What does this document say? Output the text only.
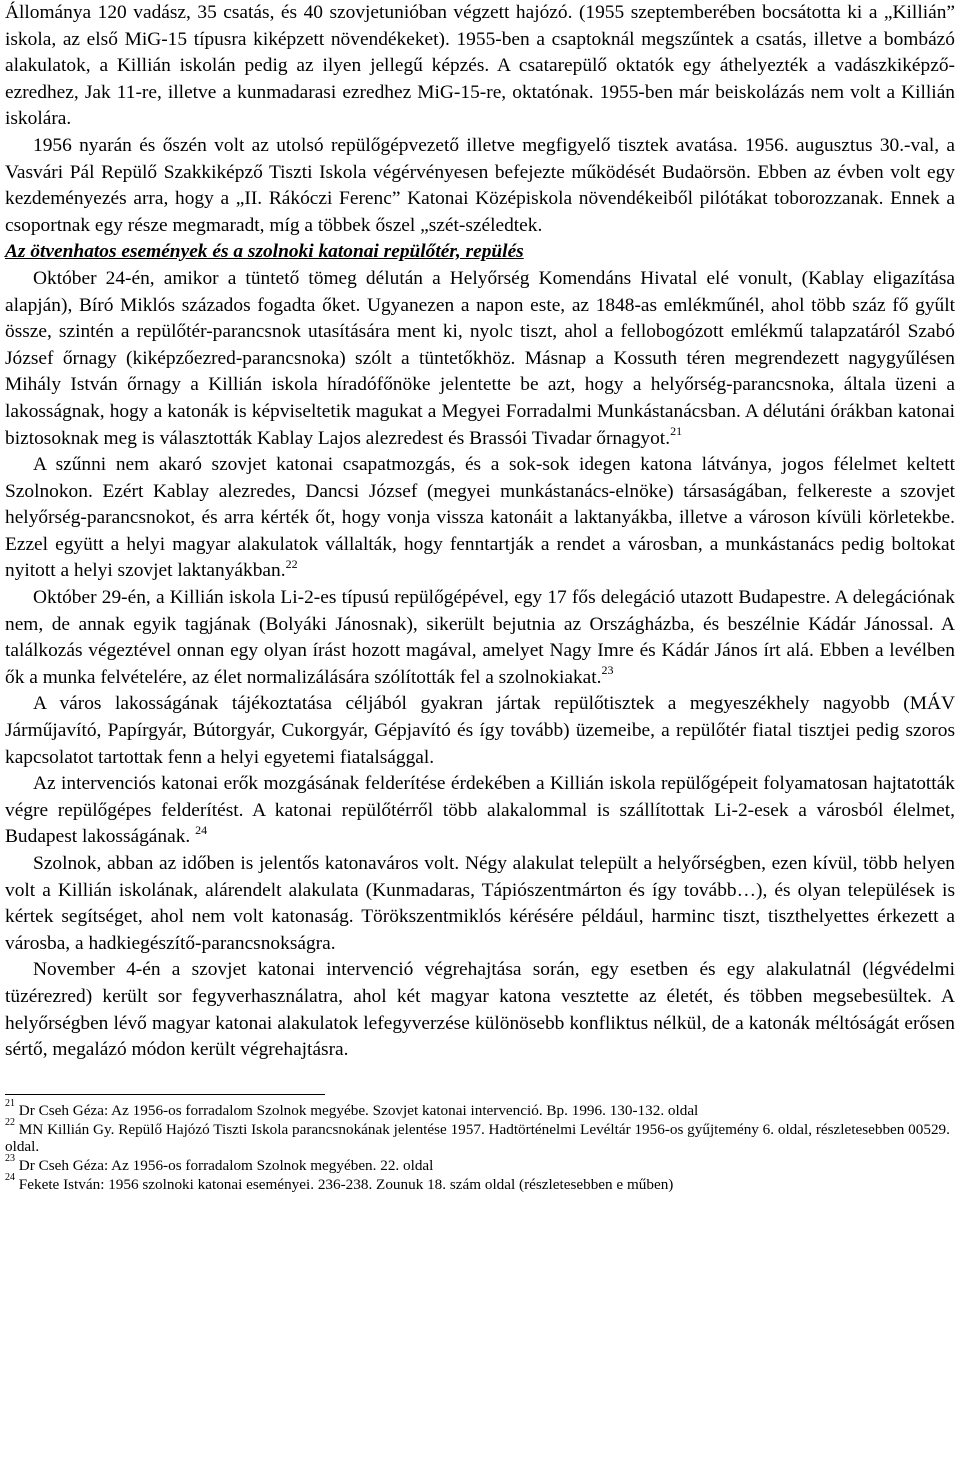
Állománya 120 vadász, 35 csatás, és 40 szovjetunióban végzett hajózó. (1955 szeptemberében bocsátotta ki a „Killián” iskola, az első MiG-15 típusra kiképzett növendékeket). 1955-ben a csaptoknál megszűntek a csatás, illetve a bombázó alakulatok, a Killián iskolán pedig az ilyen jellegű képzés. A csatarepülő oktatók egy áthelyezték a vadászkiképző-ezredhez, Jak 11-re, illetve a kunmadarasi ezredhez MiG-15-re, oktatónak. 1955-ben már beiskolázás nem volt a Killián iskolára.

1956 nyarán és őszén volt az utolsó repülőgépvezető illetve megfigyelő tisztek avatása. 1956. augusztus 30.-val, a Vasvári Pál Repülő Szakkiképző Tiszti Iskola végérvényesen befejezte működését Budaörsön. Ebben az évben volt egy kezdeményezés arra, hogy a „II. Rákóczi Ferenc” Katonai Középiskola növendékeiből pilótákat toborozzanak. Ennek a csoportnak egy része megmaradt, míg a többek őszel „szét-széledtek.

Az ötvenhatos események és a szolnoki katonai repülőtér, repülés

Október 24-én, amikor a tüntető tömeg délután a Helyőrség Komendáns Hivatal elé vonult, (Kablay eligazítása alapján), Bíró Miklós százados fogadta őket. Ugyanezen a napon este, az 1848-as emlékműnél, ahol több száz fő gyűlt össze, szintén a repülőtér-parancsnok utasítására ment ki, nyolc tiszt, ahol a fellobogózott emlékmű talapzatáról Szabó József őrnagy (kiképzőezred-parancsnoka) szólt a tüntetőkhöz. Másnap a Kossuth téren megrendezett nagygyűlésen Mihály István őrnagy a Killián iskola híradófőnöke jelentette be azt, hogy a helyőrség-parancsnoka, általa üzeni a lakosságnak, hogy a katonák is képviseltetik magukat a Megyei Forradalmi Munkástanácsban. A délutáni órákban katonai biztosoknak meg is választották Kablay Lajos alezredest és Brassói Tivadar őrnagyot.$^{21}$

A szűnni nem akaró szovjet katonai csapatmozgás, és a sok-sok idegen katona látványa, jogos félelmet keltett Szolnokon. Ezért Kablay alezredes, Dancsi József (megyei munkástanács-elnöke) társaságában, felkereste a szovjet helyőrség-parancsnokot, és arra kérték őt, hogy vonja vissza katonáit a laktanyákba, illetve a városon kívüli körletekbe. Ezzel együtt a helyi magyar alakulatok vállalták, hogy fenntartják a rendet a városban, a munkástanács pedig boltokat nyitott a helyi szovjet laktanyákban.$^{22}$

Október 29-én, a Killián iskola Li-2-es típusú repülőgépével, egy 17 fős delegáció utazott Budapestre. A delegációnak nem, de annak egyik tagjának (Bolyáki Jánosnak), sikerült bejutnia az Országházba, és beszélnie Kádár Jánossal. A találkozás végeztével onnan egy olyan írást hozott magával, amelyet Nagy Imre és Kádár János írt alá. Ebben a levélben ők a munka felvételére, az élet normalizálására szólították fel a szolnokiakat.$^{23}$

A város lakosságának tájékoztatása céljából gyakran jártak repülőtisztek a megyeszékhely nagyobb (MÁV Járműjavító, Papírgyár, Bútorgyár, Cukorgyár, Gépjavító és így tovább) üzemeibe, a repülőtér fiatal tisztjei pedig szoros kapcsolatot tartottak fenn a helyi egyetemi fiatalsággal.

Az intervenciós katonai erők mozgásának felderítése érdekében a Killián iskola repülőgépeit folyamatosan hajtatották végre repülőgépes felderítést. A katonai repülőtérről több alakalommal is szállítottak Li-2-esek a városból élelmet, Budapest lakosságának. $^{24}$

Szolnok, abban az időben is jelentős katonaváros volt. Négy alakulat települt a helyőrségben, ezen kívül, több helyen volt a Killián iskolának, alárendelt alakulata (Kunmadaras, Tápiószentmárton és így tovább…), és olyan települések is kértek segítséget, ahol nem volt katonaság. Törökszentmiklós kérésére például, harminc tiszt, tiszthelyettes érkezett a városba, a hadkiegészítő-parancsnokságra.

November 4-én a szovjet katonai intervenció végrehajtása során, egy esetben és egy alakulatnál (légvédelmi tüzérezred) került sor fegyverhasználatra, ahol két magyar katona vesztette az életét, és többen megsebesültek. A helyőrségben lévő magyar katonai alakulatok lefegyverzése különösebb konfliktus nélkül, de a katonák méltóságát erősen sértő, megalázó módon került végrehajtásra.

$^{21}$ Dr Cseh Géza: Az 1956-os forradalom Szolnok megyébe. Szovjet katonai intervenció. Bp. 1996. 130-132. oldal

$^{22}$ MN Killián Gy. Repülő Hajózó Tiszti Iskola parancsnokának jelentése 1957. Hadtörténelmi Levéltár 1956-os gyűjtemény 6. oldal, részletesebben 00529. oldal.

$^{23}$ Dr Cseh Géza: Az 1956-os forradalom Szolnok megyében. 22. oldal

$^{24}$ Fekete István: 1956 szolnoki katonai eseményei. 236-238. Zounuk 18. szám oldal (részletesebben e műben)
